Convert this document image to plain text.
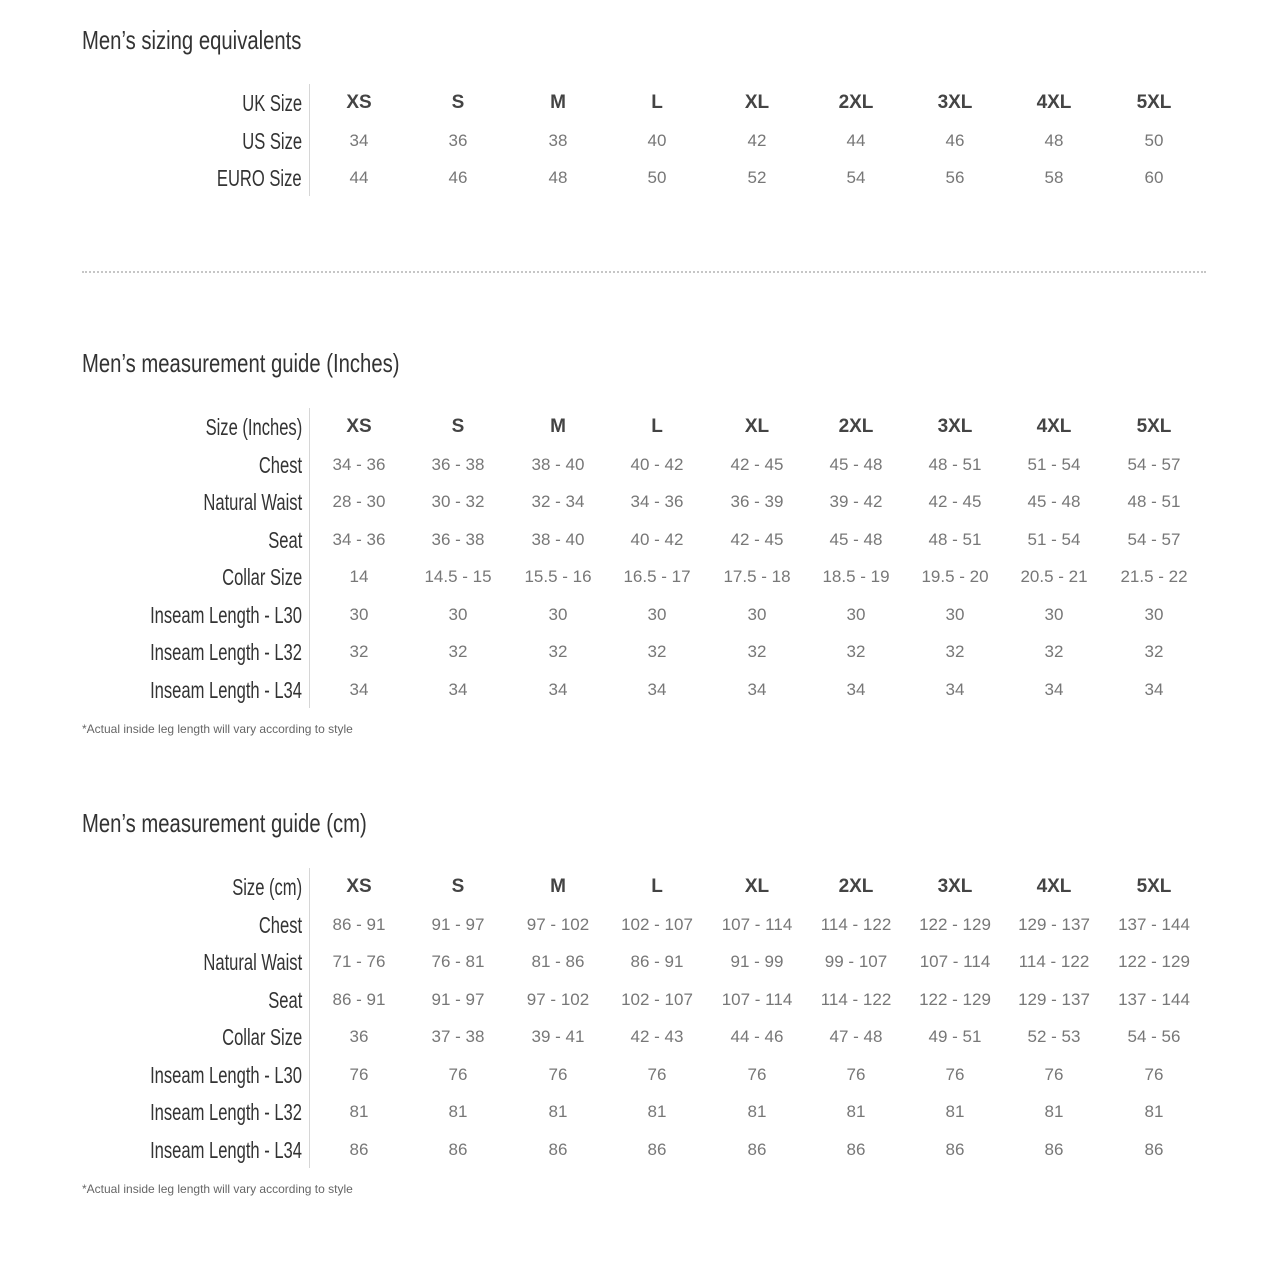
Men’s sizing equivalents
UK Size	XS	S	M	L	XL	2XL	3XL	4XL	5XL
US Size	34	36	38	40	42	44	46	48	50
EURO Size	44	46	48	50	52	54	56	58	60
Men’s measurement guide (Inches)
Size (Inches)	XS	S	M	L	XL	2XL	3XL	4XL	5XL
Chest	34 - 36	36 - 38	38 - 40	40 - 42	42 - 45	45 - 48	48 - 51	51 - 54	54 - 57
Natural Waist	28 - 30	30 - 32	32 - 34	34 - 36	36 - 39	39 - 42	42 - 45	45 - 48	48 - 51
Seat	34 - 36	36 - 38	38 - 40	40 - 42	42 - 45	45 - 48	48 - 51	51 - 54	54 - 57
Collar Size	14	14.5 - 15	15.5 - 16	16.5 - 17	17.5 - 18	18.5 - 19	19.5 - 20	20.5 - 21	21.5 - 22
Inseam Length - L30	30	30	30	30	30	30	30	30	30
Inseam Length - L32	32	32	32	32	32	32	32	32	32
Inseam Length - L34	34	34	34	34	34	34	34	34	34

*Actual inside leg length will vary according to style

Men’s measurement guide (cm)
Size (cm)	XS	S	M	L	XL	2XL	3XL	4XL	5XL
Chest	86 - 91	91 - 97	97 - 102	102 - 107	107 - 114	114 - 122	122 - 129	129 - 137	137 - 144
Natural Waist	71 - 76	76 - 81	81 - 86	86 - 91	91 - 99	99 - 107	107 - 114	114 - 122	122 - 129
Seat	86 - 91	91 - 97	97 - 102	102 - 107	107 - 114	114 - 122	122 - 129	129 - 137	137 - 144
Collar Size	36	37 - 38	39 - 41	42 - 43	44 - 46	47 - 48	49 - 51	52 - 53	54 - 56
Inseam Length - L30	76	76	76	76	76	76	76	76	76
Inseam Length - L32	81	81	81	81	81	81	81	81	81
Inseam Length - L34	86	86	86	86	86	86	86	86	86

*Actual inside leg length will vary according to style
